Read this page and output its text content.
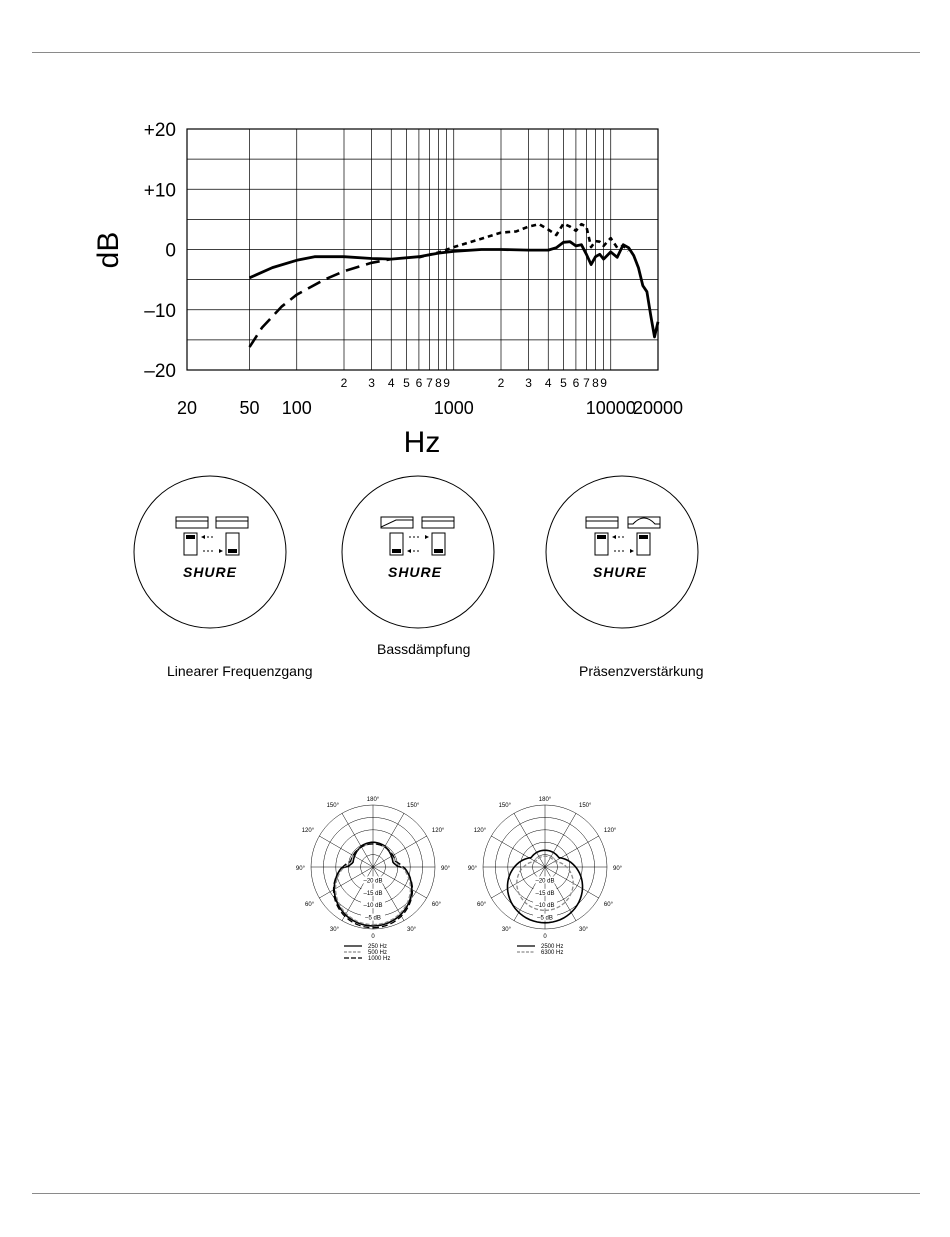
+20
+10
0
–10
–20
20 50 100	1000	10000
20000
2 3 4 5 6 7 8 9	2 3 4 5 6 7 8 9
dB
Hz
SHURE	SHURE	SHURE
Linearer Frequenzgang
Bassdämpfung
Präsenzverstärkung
180°
150°	150°
120°	120°
90°	90°
60°	60°
30°	30°
0
–20 dB
–15 dB
–10 dB
–5 dB
180°
150°	150°
120°	120°
90°	90°
60°	60°
30°	30°
0
–20 dB
–15 dB
–10 dB
–5 dB
250 Hz
500 Hz
1000 Hz
2500 Hz
6300 Hz
